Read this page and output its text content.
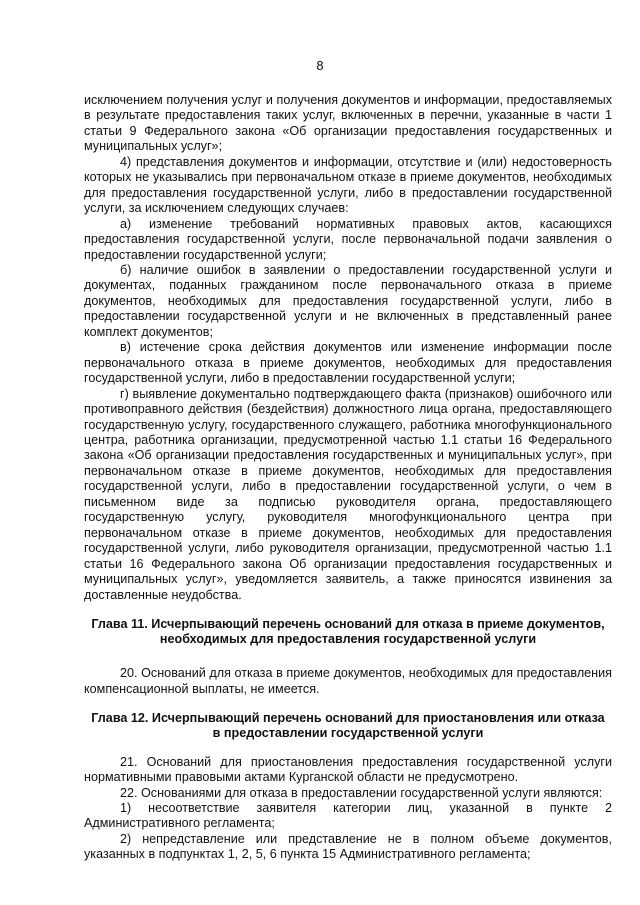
8

исключением получения услуг и получения документов и информации, предоставляемых в результате предоставления таких услуг, включенных в перечни, указанные в части 1 статьи 9 Федерального закона «Об организации предоставления государственных и муниципальных услуг»;

4) представления документов и информации, отсутствие и (или) недостоверность которых не указывались при первоначальном отказе в приеме документов, необходимых для предоставления государственной услуги, либо в предоставлении государственной услуги, за исключением следующих случаев:

а) изменение требований нормативных правовых актов, касающихся предоставления государственной услуги, после первоначальной подачи заявления о предоставлении государственной услуги;

б) наличие ошибок в заявлении о предоставлении государственной услуги и документах, поданных гражданином после первоначального отказа в приеме документов, необходимых для предоставления государственной услуги, либо в предоставлении государственной услуги и не включенных в представленный ранее комплект документов;

в) истечение срока действия документов или изменение информации после первоначального отказа в приеме документов, необходимых для предоставления государственной услуги, либо в предоставлении государственной услуги;

г) выявление документально подтверждающего факта (признаков) ошибочного или противоправного действия (бездействия) должностного лица органа, предоставляющего государственную услугу, государственного служащего, работника многофункционального центра, работника организации, предусмотренной частью 1.1 статьи 16 Федерального закона «Об организации предоставления государственных и муниципальных услуг», при первоначальном отказе в приеме документов, необходимых для предоставления государственной услуги, либо в предоставлении государственной услуги, о чем в письменном виде за подписью руководителя органа, предоставляющего государственную услугу, руководителя многофункционального центра при первоначальном отказе в приеме документов, необходимых для предоставления государственной услуги, либо руководителя организации, предусмотренной частью 1.1 статьи 16 Федерального закона Об организации предоставления государственных и муниципальных услуг», уведомляется заявитель, а также приносятся извинения за доставленные неудобства.

Глава 11. Исчерпывающий перечень оснований для отказа в приеме документов,
необходимых для предоставления государственной услуги

20. Оснований для отказа в приеме документов, необходимых для предоставления компенсационной выплаты, не имеется.

Глава 12. Исчерпывающий перечень оснований для приостановления или отказа
в предоставлении государственной услуги

21. Оснований для приостановления предоставления государственной услуги нормативными правовыми актами Курганской области не предусмотрено.

22. Основаниями для отказа в предоставлении государственной услуги являются:

1) несоответствие заявителя категории лиц, указанной в пункте 2 Административного регламента;

2) непредставление или представление не в полном объеме документов, указанных в подпунктах 1, 2, 5, 6 пункта 15 Административного регламента;
